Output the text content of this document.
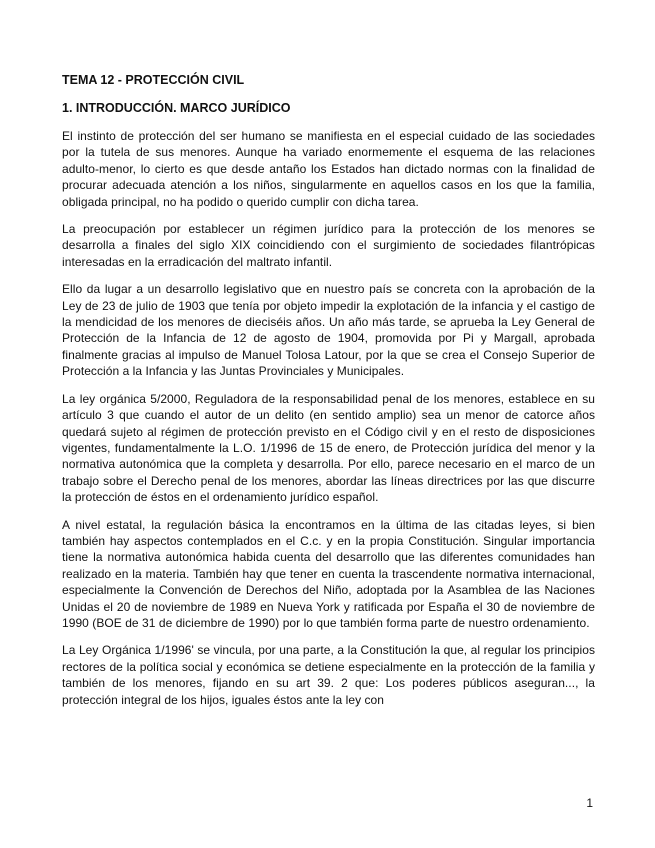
TEMA 12 - PROTECCIÓN CIVIL
1. INTRODUCCIÓN. MARCO JURÍDICO

El instinto de protección del ser humano se manifiesta en el especial cuidado de las sociedades por la tutela de sus menores. Aunque ha variado enormemente el esquema de las relaciones adulto-menor, lo cierto es que desde antaño los Estados han dictado normas con la finalidad de procurar adecuada atención a los niños, singularmente en aquellos casos en los que la familia, obligada principal, no ha podido o querido cumplir con dicha tarea.

La preocupación por establecer un régimen jurídico para la protección de los menores se desarrolla a finales del siglo XIX coincidiendo con el surgimiento de sociedades filantrópicas interesadas en la erradicación del maltrato infantil.

Ello da lugar a un desarrollo legislativo que en nuestro país se concreta con la aprobación de la Ley de 23 de julio de 1903 que tenía por objeto impedir la explotación de la infancia y el castigo de la mendicidad de los menores de dieciséis años. Un año más tarde, se aprueba la Ley General de Protección de la Infancia de 12 de agosto de 1904, promovida por Pi y Margall, aprobada finalmente gracias al impulso de Manuel Tolosa Latour, por la que se crea el Consejo Superior de Protección a la Infancia y las Juntas Provinciales y Municipales.

La ley orgánica 5/2000, Reguladora de la responsabilidad penal de los menores, establece en su artículo 3 que cuando el autor de un delito (en sentido amplio) sea un menor de catorce años quedará sujeto al régimen de protección previsto en el Código civil y en el resto de disposiciones vigentes, fundamentalmente la L.O. 1/1996 de 15 de enero, de Protección jurídica del menor y la normativa autonómica que la completa y desarrolla. Por ello, parece necesario en el marco de un trabajo sobre el Derecho penal de los menores, abordar las líneas directrices por las que discurre la protección de éstos en el ordenamiento jurídico español.

A nivel estatal, la regulación básica la encontramos en la última de las citadas leyes, si bien también hay aspectos contemplados en el C.c. y en la propia Constitución. Singular importancia tiene la normativa autonómica habida cuenta del desarrollo que las diferentes comunidades han realizado en la materia. También hay que tener en cuenta la trascendente normativa internacional, especialmente la Convención de Derechos del Niño, adoptada por la Asamblea de las Naciones Unidas el 20 de noviembre de 1989 en Nueva York y ratificada por España el 30 de noviembre de 1990 (BOE de 31 de diciembre de 1990) por lo que también forma parte de nuestro ordenamiento.

La Ley Orgánica 1/1996' se vincula, por una parte, a la Constitución la que, al regular los principios rectores de la política social y económica se detiene especialmente en la protección de la familia y también de los menores, fijando en su art 39. 2 que: Los poderes públicos aseguran..., la protección integral de los hijos, iguales éstos ante la ley con

1
